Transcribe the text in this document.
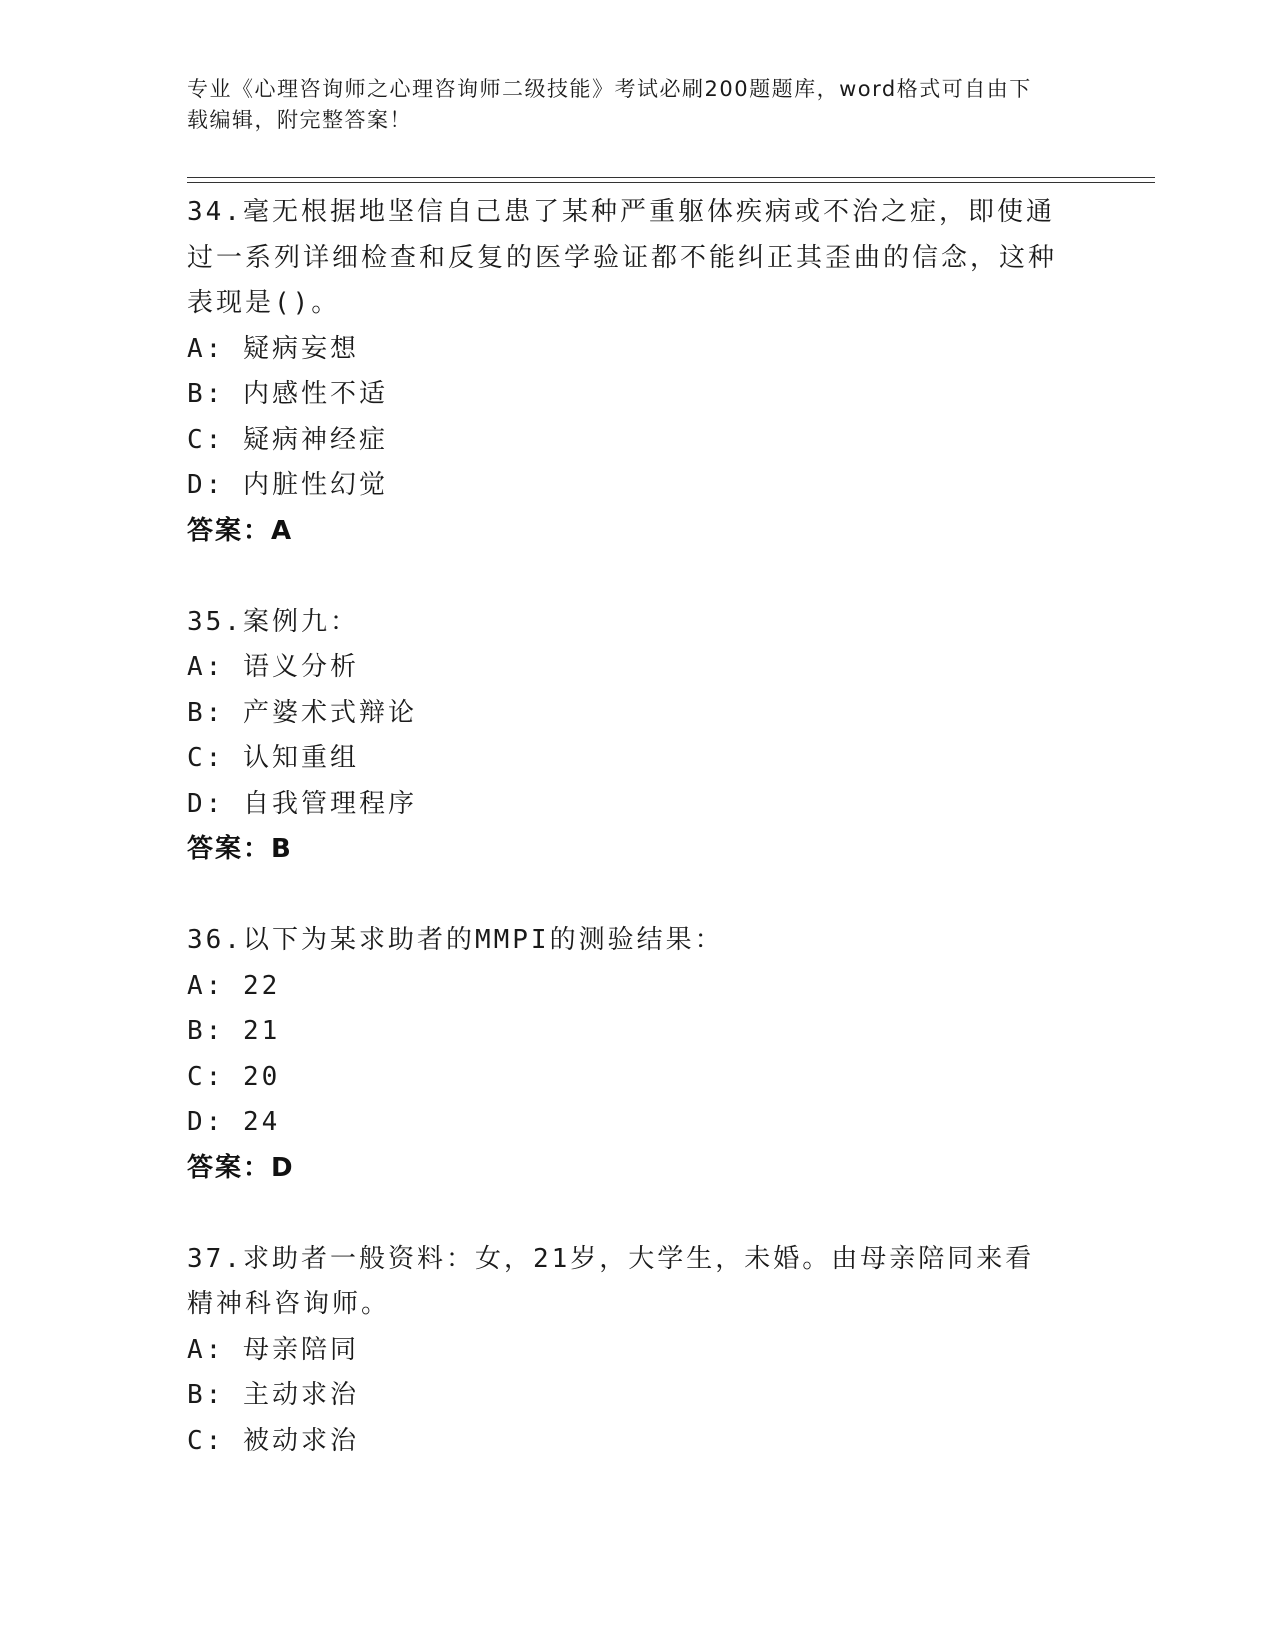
专业《心理咨询师之心理咨询师二级技能》考试必刷200题题库，word格式可自由下载编辑，附完整答案！

34.毫无根据地坚信自己患了某种严重躯体疾病或不治之症，即使通过一系列详细检查和反复的医学验证都不能纠正其歪曲的信念，这种表现是()。

A: 疑病妄想

B: 内感性不适

C: 疑病神经症

D: 内脏性幻觉

答案：A

35.案例九：

A: 语义分析

B: 产婆术式辩论

C: 认知重组

D: 自我管理程序

答案：B

36.以下为某求助者的MMPI的测验结果：

A: 22

B: 21

C: 20

D: 24

答案：D

37.求助者一般资料：女，21岁，大学生，未婚。由母亲陪同来看精神科咨询师。

A: 母亲陪同

B: 主动求治

C: 被动求治
